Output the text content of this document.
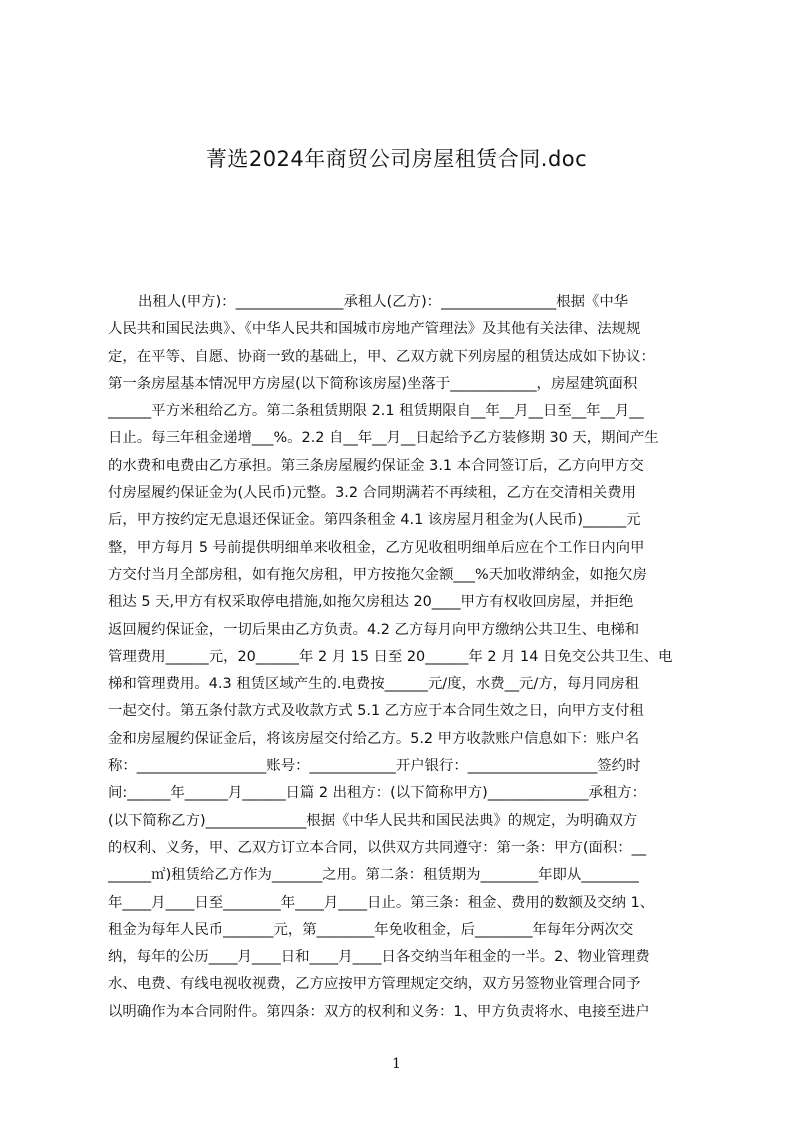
菁选2024年商贸公司房屋租赁合同.doc
出租人(甲方)：_______________承租人(乙方)：________________根据《中华
人民共和国民法典》、《中华人民共和国城市房地产管理法》及其他有关法律、法规规
定，在平等、自愿、协商一致的基础上，甲、乙双方就下列房屋的租赁达成如下协议：
第一条房屋基本情况甲方房屋(以下简称该房屋)坐落于____________，房屋建筑面积
______平方米租给乙方。第二条租赁期限 2.1 租赁期限自__年__月__日至__年__月__
日止。每三年租金递增___%。2.2 自__年__月__日起给予乙方装修期 30 天，期间产生
的水费和电费由乙方承担。第三条房屋履约保证金 3.1 本合同签订后，乙方向甲方交
付房屋履约保证金为(人民币)元整。3.2 合同期满若不再续租，乙方在交清相关费用
后，甲方按约定无息退还保证金。第四条租金 4.1 该房屋月租金为(人民币)______元
整，甲方每月 5 号前提供明细单来收租金，乙方见收租明细单后应在个工作日内向甲
方交付当月全部房租，如有拖欠房租，甲方按拖欠金额___%天加收滞纳金，如拖欠房
租达 5 天,甲方有权采取停电措施,如拖欠房租达 20____甲方有权收回房屋，并拒绝
返回履约保证金，一切后果由乙方负责。4.2 乙方每月向甲方缴纳公共卫生、电梯和
管理费用______元，20______年 2 月 15 日至 20______年 2 月 14 日免交公共卫生、电
梯和管理费用。4.3 租赁区域产生的.电费按______元/度，水费__元/方，每月同房租
一起交付。第五条付款方式及收款方式 5.1 乙方应于本合同生效之日，向甲方支付租
金和房屋履约保证金后，将该房屋交付给乙方。5.2 甲方收款账户信息如下：账户名
称：__________________账号：____________开户银行：__________________签约时
间:______年______月______日篇 2 出租方：(以下简称甲方)______________承租方：
(以下简称乙方)______________根据《中华人民共和国民法典》的规定，为明确双方
的权利、义务，甲、乙双方订立本合同，以供双方共同遵守：第一条：甲方(面积：__
______㎡)租赁给乙方作为_______之用。第二条：租赁期为________年即从________
年____月____日至________年____月____日止。第三条：租金、费用的数额及交纳 1、
租金为每年人民币_______元，第________年免收租金，后________年每年分两次交
纳，每年的公历____月____日和____月____日各交纳当年租金的一半。2、物业管理费
水、电费、有线电视收视费，乙方应按甲方管理规定交纳，双方另签物业管理合同予
以明确作为本合同附件。第四条：双方的权利和义务：1、甲方负责将水、电接至进户
1
